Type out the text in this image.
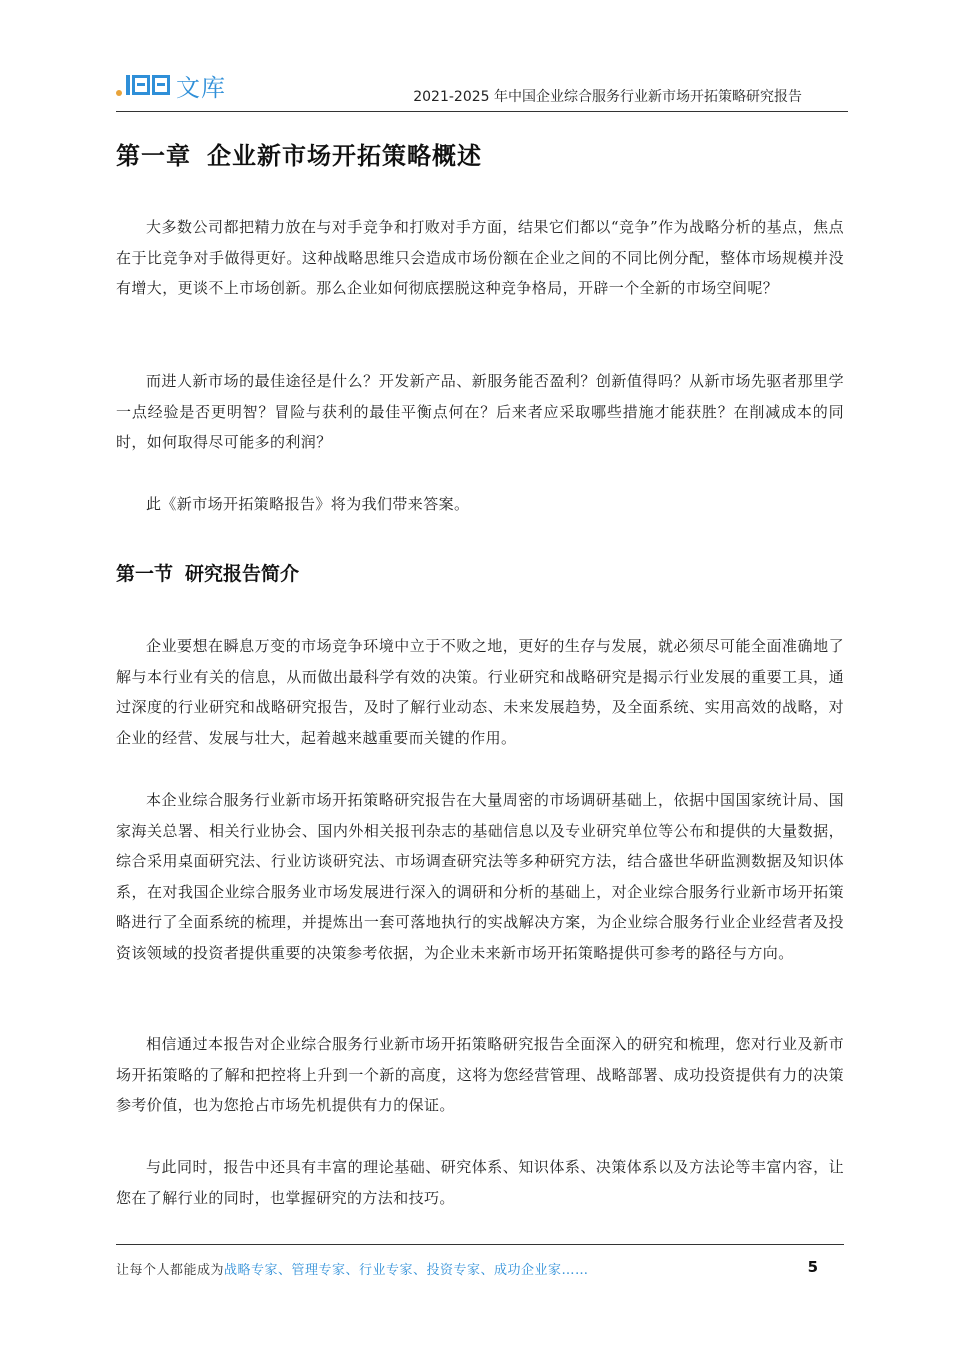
文库	2021-2025 年中国企业综合服务行业新市场开拓策略研究报告
第一章 企业新市场开拓策略概述

大多数公司都把精力放在与对手竞争和打败对手方面，结果它们都以“竞争”作为战略分析的基点，焦点在于比竞争对手做得更好。这种战略思维只会造成市场份额在企业之间的不同比例分配，整体市场规模并没有增大，更谈不上市场创新。那么企业如何彻底摆脱这种竞争格局，开辟一个全新的市场空间呢？

而进人新市场的最佳途径是什么？开发新产品、新服务能否盈利？创新值得吗？从新市场先驱者那里学一点经验是否更明智？冒险与获利的最佳平衡点何在？后来者应采取哪些措施才能获胜？在削减成本的同时，如何取得尽可能多的利润？

此《新市场开拓策略报告》将为我们带来答案。

第一节 研究报告简介

企业要想在瞬息万变的市场竞争环境中立于不败之地，更好的生存与发展，就必须尽可能全面准确地了解与本行业有关的信息，从而做出最科学有效的决策。行业研究和战略研究是揭示行业发展的重要工具，通过深度的行业研究和战略研究报告，及时了解行业动态、未来发展趋势，及全面系统、实用高效的战略，对企业的经营、发展与壮大，起着越来越重要而关键的作用。

本企业综合服务行业新市场开拓策略研究报告在大量周密的市场调研基础上，依据中国国家统计局、国家海关总署、相关行业协会、国内外相关报刊杂志的基础信息以及专业研究单位等公布和提供的大量数据，综合采用桌面研究法、行业访谈研究法、市场调查研究法等多种研究方法，结合盛世华研监测数据及知识体系，在对我国企业综合服务业市场发展进行深入的调研和分析的基础上，对企业综合服务行业新市场开拓策略进行了全面系统的梳理，并提炼出一套可落地执行的实战解决方案，为企业综合服务行业企业经营者及投资该领域的投资者提供重要的决策参考依据，为企业未来新市场开拓策略提供可参考的路径与方向。

相信通过本报告对企业综合服务行业新市场开拓策略研究报告全面深入的研究和梳理，您对行业及新市场开拓策略的了解和把控将上升到一个新的高度，这将为您经营管理、战略部署、成功投资提供有力的决策参考价值，也为您抢占市场先机提供有力的保证。

与此同时，报告中还具有丰富的理论基础、研究体系、知识体系、决策体系以及方法论等丰富内容，让您在了解行业的同时，也掌握研究的方法和技巧。

让每个人都能成为战略专家、管理专家、行业专家、投资专家、成功企业家……	5
